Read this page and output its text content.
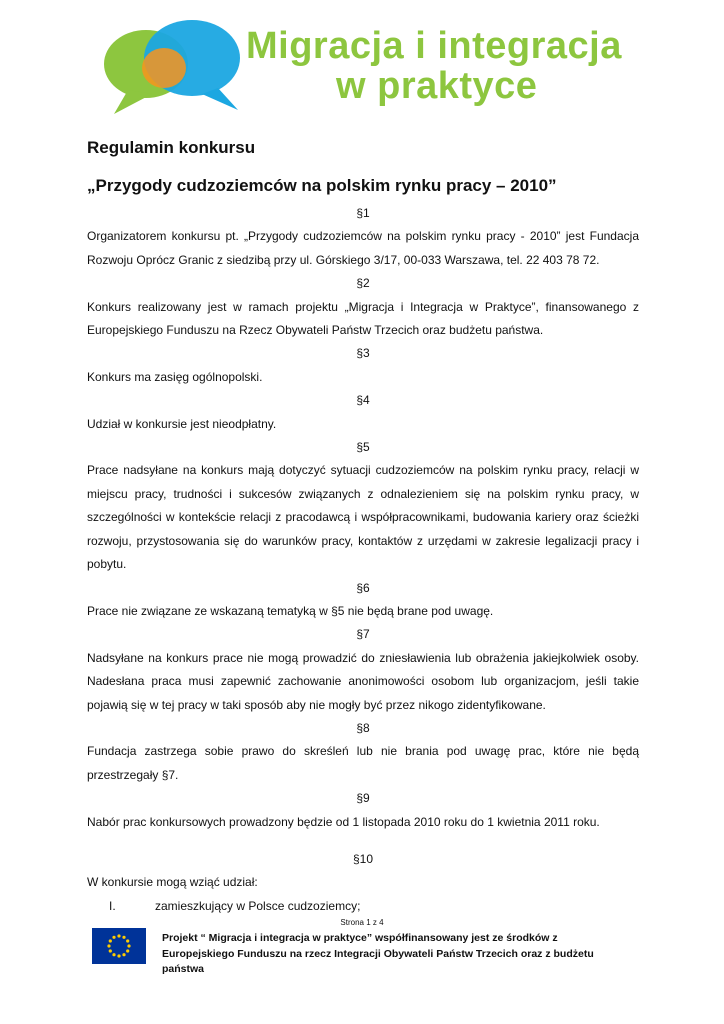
Migracja i integracja
w praktyce
Regulamin konkursu
„Przygody cudzoziemców na polskim rynku pracy – 2010”

§1

Organizatorem konkursu pt. „Przygody cudzoziemców na polskim rynku pracy - 2010” jest Fundacja Rozwoju Oprócz Granic z siedzibą przy ul. Górskiego 3/17, 00-033 Warszawa, tel. 22 403 78 72.

§2

Konkurs realizowany jest w ramach projektu „Migracja i Integracja w Praktyce”, finansowanego z Europejskiego Funduszu na Rzecz Obywateli Państw Trzecich oraz budżetu państwa.

§3

Konkurs ma zasięg ogólnopolski.

§4

Udział w konkursie jest nieodpłatny.

§5

Prace nadsyłane na konkurs mają dotyczyć sytuacji cudzoziemców na polskim rynku pracy, relacji w miejscu pracy, trudności i sukcesów związanych z odnalezieniem się na polskim rynku pracy, w szczególności w kontekście relacji z pracodawcą i współpracownikami, budowania kariery oraz ścieżki rozwoju, przystosowania się do warunków pracy, kontaktów z urzędami w zakresie legalizacji pracy i pobytu.

§6

Prace nie związane ze wskazaną tematyką w §5 nie będą brane pod uwagę.

§7

Nadsyłane na konkurs prace nie mogą prowadzić do zniesławienia lub obrażenia jakiejkolwiek osoby. Nadesłana praca musi zapewnić zachowanie anonimowości osobom lub organizacjom, jeśli takie pojawią się w tej pracy w taki sposób aby nie mogły być przez nikogo zidentyfikowane.

§8

Fundacja zastrzega sobie prawo do skreśleń lub nie brania pod uwagę prac, które nie będą przestrzegały §7.

§9

Nabór prac konkursowych prowadzony będzie od 1 listopada 2010 roku do 1 kwietnia 2011 roku.

§10

W konkursie mogą wziąć udział:

I.	zamieszkujący w Polsce cudzoziemcy;
Strona 1 z 4
Projekt “ Migracja i integracja w praktyce” współfinansowany jest ze środków z Europejskiego Funduszu na rzecz Integracji Obywateli Państw Trzecich oraz z budżetu państwa
